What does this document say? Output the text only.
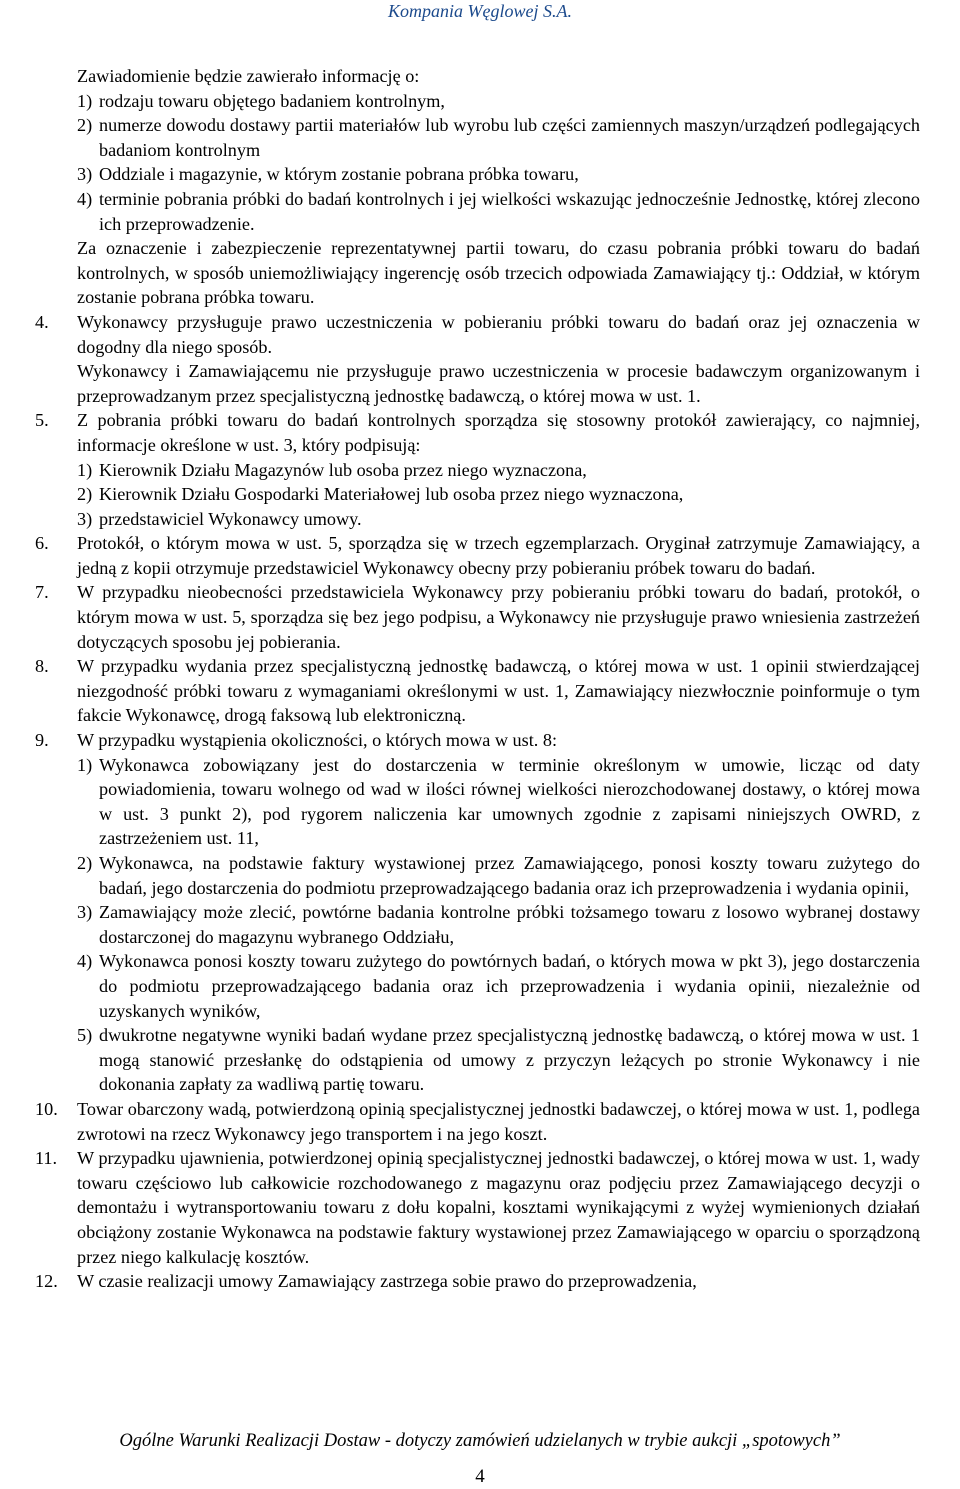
Kompania Węglowej S.A.
Zawiadomienie będzie zawierało informację o:
1) rodzaju towaru objętego badaniem kontrolnym,
2) numerze dowodu dostawy partii materiałów lub wyrobu lub części zamiennych maszyn/urządzeń podlegających badaniom kontrolnym
3) Oddziale i magazynie, w którym zostanie pobrana próbka towaru,
4) terminie pobrania próbki do badań kontrolnych i jej wielkości wskazując jednocześnie Jednostkę, której zlecono ich przeprowadzenie.
Za oznaczenie i zabezpieczenie reprezentatywnej partii towaru, do czasu pobrania próbki towaru do badań kontrolnych, w sposób uniemożliwiający ingerencję osób trzecich odpowiada Zamawiający tj.: Oddział, w którym zostanie pobrana próbka towaru.
4.	Wykonawcy przysługuje prawo uczestniczenia w pobieraniu próbki towaru do badań oraz jej oznaczenia w dogodny dla niego sposób.
Wykonawcy i Zamawiającemu nie przysługuje prawo uczestniczenia w procesie badawczym organizowanym i przeprowadzanym przez specjalistyczną jednostkę badawczą, o której mowa w ust. 1.
5.	Z pobrania próbki towaru do badań kontrolnych sporządza się stosowny protokół zawierający, co najmniej, informacje określone w ust. 3, który podpisują:
1) Kierownik Działu Magazynów lub osoba przez niego wyznaczona,
2) Kierownik Działu Gospodarki Materiałowej lub osoba przez niego wyznaczona,
3) przedstawiciel Wykonawcy umowy.
6.	Protokół, o którym mowa w ust. 5, sporządza się w trzech egzemplarzach. Oryginał zatrzymuje Zamawiający, a jedną z kopii otrzymuje przedstawiciel Wykonawcy obecny przy pobieraniu próbek towaru do badań.
7.	W przypadku nieobecności przedstawiciela Wykonawcy przy pobieraniu próbki towaru do badań, protokół, o którym mowa w ust. 5, sporządza się bez jego podpisu, a Wykonawcy nie przysługuje prawo wniesienia zastrzeżeń dotyczących sposobu jej pobierania.
8.	W przypadku wydania przez specjalistyczną jednostkę badawczą, o której mowa w ust. 1 opinii stwierdzającej niezgodność próbki towaru z wymaganiami określonymi w ust. 1, Zamawiający niezwłocznie poinformuje o tym fakcie Wykonawcę, drogą faksową lub elektroniczną.
9.	W przypadku wystąpienia okoliczności, o których mowa w ust. 8:
1) Wykonawca zobowiązany jest do dostarczenia w terminie określonym w umowie, licząc od daty powiadomienia, towaru wolnego od wad w ilości równej wielkości nierozchodowanej dostawy, o której mowa w ust. 3 punkt 2), pod rygorem naliczenia kar umownych zgodnie z zapisami niniejszych OWRD, z zastrzeżeniem ust. 11,
2) Wykonawca, na podstawie faktury wystawionej przez Zamawiającego, ponosi koszty towaru zużytego do badań, jego dostarczenia do podmiotu przeprowadzającego badania oraz ich przeprowadzenia i wydania opinii,
3) Zamawiający może zlecić, powtórne badania kontrolne próbki tożsamego towaru z losowo wybranej dostawy dostarczonej do magazynu wybranego Oddziału,
4) Wykonawca ponosi koszty towaru zużytego do powtórnych badań, o których mowa w pkt 3), jego dostarczenia do podmiotu przeprowadzającego badania oraz ich przeprowadzenia i wydania opinii, niezależnie od uzyskanych wyników,
5) dwukrotne negatywne wyniki badań wydane przez specjalistyczną jednostkę badawczą, o której mowa w ust. 1 mogą stanowić przesłankę do odstąpienia od umowy z przyczyn leżących po stronie Wykonawcy i nie dokonania zapłaty za wadliwą partię towaru.
10.	Towar obarczony wadą, potwierdzoną opinią specjalistycznej jednostki badawczej, o której mowa w ust. 1, podlega zwrotowi na rzecz Wykonawcy jego transportem i na jego koszt.
11.	W przypadku ujawnienia, potwierdzonej opinią specjalistycznej jednostki badawczej, o której mowa w ust. 1, wady towaru częściowo lub całkowicie rozchodowanego z magazynu oraz podjęciu przez Zamawiającego decyzji o demontażu i wytransportowaniu towaru z dołu kopalni, kosztami wynikającymi z wyżej wymienionych działań obciążony zostanie Wykonawca na podstawie faktury wystawionej przez Zamawiającego w oparciu o sporządzoną przez niego kalkulację kosztów.
12.	W czasie realizacji umowy Zamawiający zastrzega sobie prawo do przeprowadzenia,
Ogólne Warunki Realizacji Dostaw - dotyczy zamówień udzielanych w trybie aukcji „spotowych”
4
